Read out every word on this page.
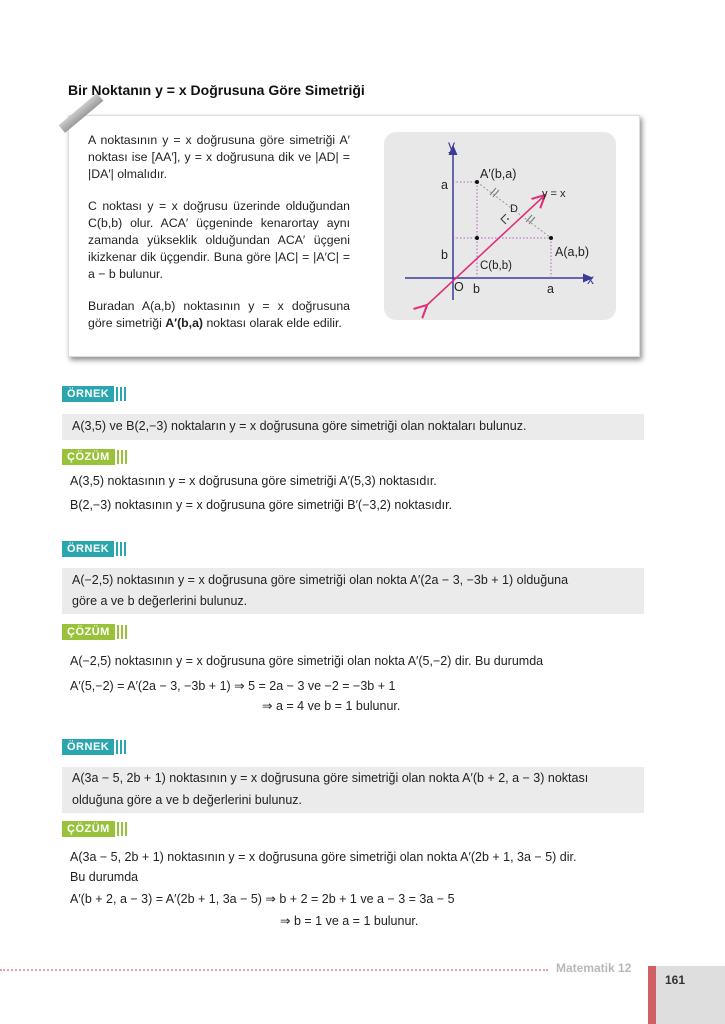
Bir Noktanın y = x Doğrusuna Göre Simetriği

A noktasının y = x doğrusuna göre simetriği A′ noktası ise [AA′], y = x doğrusuna dik ve |AD| = |DA′| olmalıdır.

C noktası y = x doğrusu üzerinde olduğundan C(b,b) olur. ACA′ üçgeninde kenarortay aynı zamanda yükseklik olduğundan ACA′ üçgeni ikizkenar dik üçgendir. Buna göre |AC| = |A′C| = a − b bulunur.

Buradan A(a,b) noktasının y = x doğrusuna göre simetriği A′(b,a) noktası olarak elde edilir.

y
x
O
y = x
A′(b,a)
A(a,b)
C(b,b)
D
a
b
b	a
ÖRNEK
A(3,5) ve B(2,−3) noktaların y = x doğrusuna göre simetriği olan noktaları bulunuz.
ÇÖZÜM
A(3,5) noktasının y = x doğrusuna göre simetriği A′(5,3) noktasıdır.
B(2,−3) noktasının y = x doğrusuna göre simetriği B′(−3,2) noktasıdır.
ÖRNEK
A(−2,5) noktasının y = x doğrusuna göre simetriği olan nokta A′(2a − 3, −3b + 1) olduğuna
göre a ve b değerlerini bulunuz.
ÇÖZÜM
A(−2,5) noktasının y = x doğrusuna göre simetriği olan nokta A′(5,−2) dir. Bu durumda
A′(5,−2) = A′(2a − 3, −3b + 1) ⇒ 5 = 2a − 3 ve −2 = −3b + 1
⇒ a = 4 ve b = 1 bulunur.
ÖRNEK
A(3a − 5, 2b + 1) noktasının y = x doğrusuna göre simetriği olan nokta A′(b + 2, a − 3) noktası
olduğuna göre a ve b değerlerini bulunuz.
ÇÖZÜM
A(3a − 5, 2b + 1) noktasının y = x doğrusuna göre simetriği olan nokta A′(2b + 1, 3a − 5) dir.
Bu durumda
A′(b + 2, a − 3) = A′(2b + 1, 3a − 5) ⇒ b + 2 = 2b + 1 ve a − 3 = 3a − 5
⇒ b = 1 ve a = 1 bulunur.
Matematik 12
161
